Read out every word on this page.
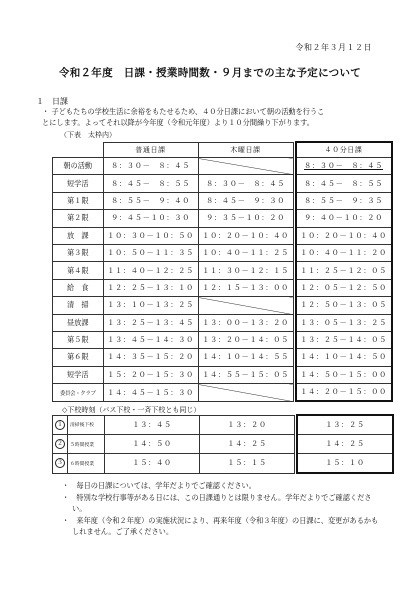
令和２年３月１２日
令和２年度　日課・授業時間数・９月までの主な予定について
１　日課
・ 子どもたちの学校生活に余裕をもたせるため、４０分日課において朝の活動を行うこ
とにします。よってそれ以降が今年度（令和元年度）より１０分間繰り下がります。
（下表　太枠内）
	普通日課	木曜日課		４０分日課
朝の活動	８：３０－　８：４５			８：３０－　８：４５
短学活	８：４５－　８：５５	８：３０－　８：４５		８：４５－　８：５５
第１限	８：５５－　９：４０	８：４５－　９：３０		８：５５－　９：３５
第２限	９：４５－１０：３０	９：３５－１０：２０		９：４０－１０：２０
放　課	１０：３０－１０：５０	１０：２０－１０：４０		１０：２０－１０：４０
第３限	１０：５０－１１：３５	１０：４０－１１：２５		１０：４０－１１：２０
第４限	１１：４０－１２：２５	１１：３０－１２：１５		１１：２５－１２：０５
給　食	１２：２５－１３：１０	１２：１５－１３：００		１２：０５－１２：５０
清　掃	１３：１０－１３：２５			１２：５０－１３：０５
昼放課	１３：２５－１３：４５	１３：００－１３：２０		１３：０５－１３：２５
第５限	１３：４５－１４：３０	１３：２０－１４：０５		１３：２５－１４：０５
第６限	１４：３５－１５：２０	１４：１０－１４：５５		１４：１０－１４：５０
短学活	１５：２０－１５：３０	１４：５５－１５：０５		１４：５０－１５：００
委員会・クラブ	１４：４５－１５：３０			１４：２０－１５：００
◇下校時刻（バス下校・一斉下校とも同じ）
１	清掃後下校	１３：４５	１３：２０		１３：２５
２	５時間授業	１４：５０	１４：２５		１４：２５
３	６時間授業	１５：４０	１５：１５		１５：１０
・　毎日の日課については、学年だよりでご確認ください。
・　特別な学校行事等がある日には、この日課通りとは限りません。学年だよりでご確認ください。
・　来年度（令和２年度）の実施状況により、再来年度（令和３年度）の日課に、変更があるかもしれません。ご了承ください。
